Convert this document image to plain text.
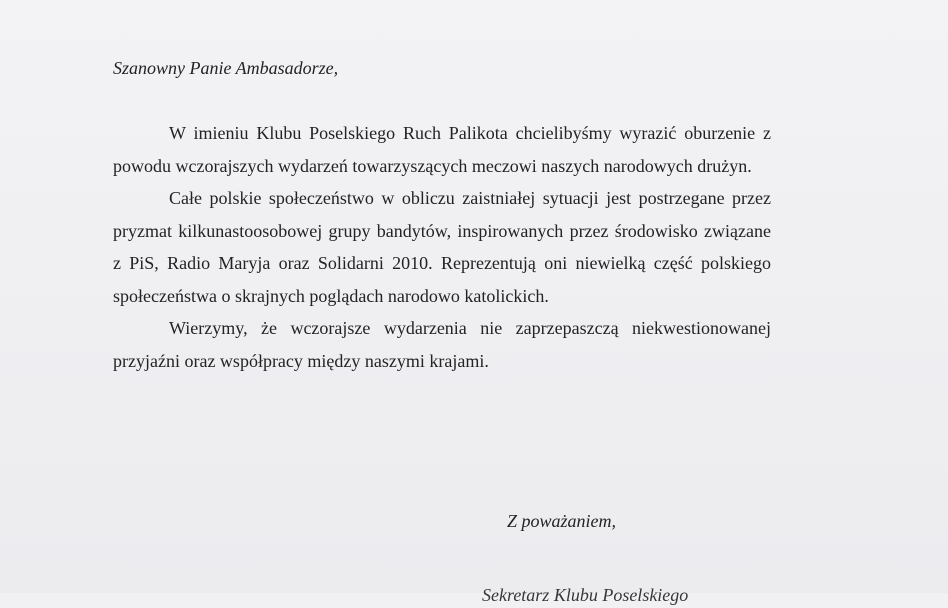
Szanowny Panie Ambasadorze,

W imieniu Klubu Poselskiego Ruch Palikota chcielibyśmy wyrazić oburzenie z powodu wczorajszych wydarzeń towarzyszących meczowi naszych narodowych drużyn.

Całe polskie społeczeństwo w obliczu zaistniałej sytuacji jest postrzegane przez pryzmat kilkunastoosobowej grupy bandytów, inspirowanych przez środowisko związane z PiS, Radio Maryja oraz Solidarni 2010. Reprezentują oni niewielką część polskiego społeczeństwa o skrajnych poglądach narodowo katolickich.

Wierzymy, że wczorajsze wydarzenia nie zaprzepaszczą niekwestionowanej przyjaźni oraz współpracy między naszymi krajami.

Z poważaniem,
Sekretarz Klubu Poselskiego
